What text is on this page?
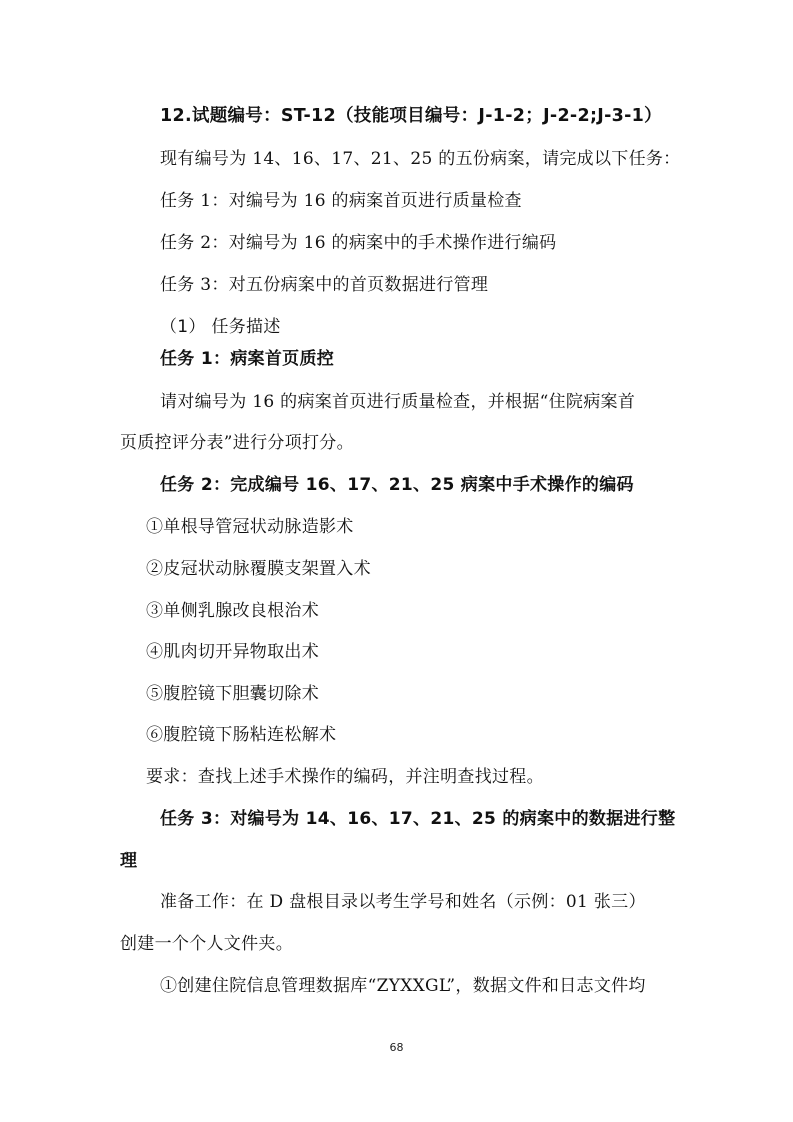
12.试题编号：ST-12（技能项目编号：J-1-2；J-2-2;J-3-1）
现有编号为 14、16、17、21、25 的五份病案，请完成以下任务：
任务 1：对编号为 16 的病案首页进行质量检查
任务 2：对编号为 16 的病案中的手术操作进行编码
任务 3：对五份病案中的首页数据进行管理
（1） 任务描述
任务 1：病案首页质控
请对编号为 16 的病案首页进行质量检查，并根据“住院病案首
页质控评分表”进行分项打分。
任务 2：完成编号 16、17、21、25 病案中手术操作的编码
①单根导管冠状动脉造影术
②皮冠状动脉覆膜支架置入术
③单侧乳腺改良根治术
④肌肉切开异物取出术
⑤腹腔镜下胆囊切除术
⑥腹腔镜下肠粘连松解术
要求：查找上述手术操作的编码，并注明查找过程。
任务 3：对编号为 14、16、17、21、25 的病案中的数据进行整
理
准备工作：在 D 盘根目录以考生学号和姓名（示例：01 张三）
创建一个个人文件夹。
①创建住院信息管理数据库“ZYXXGL”，数据文件和日志文件均
68
